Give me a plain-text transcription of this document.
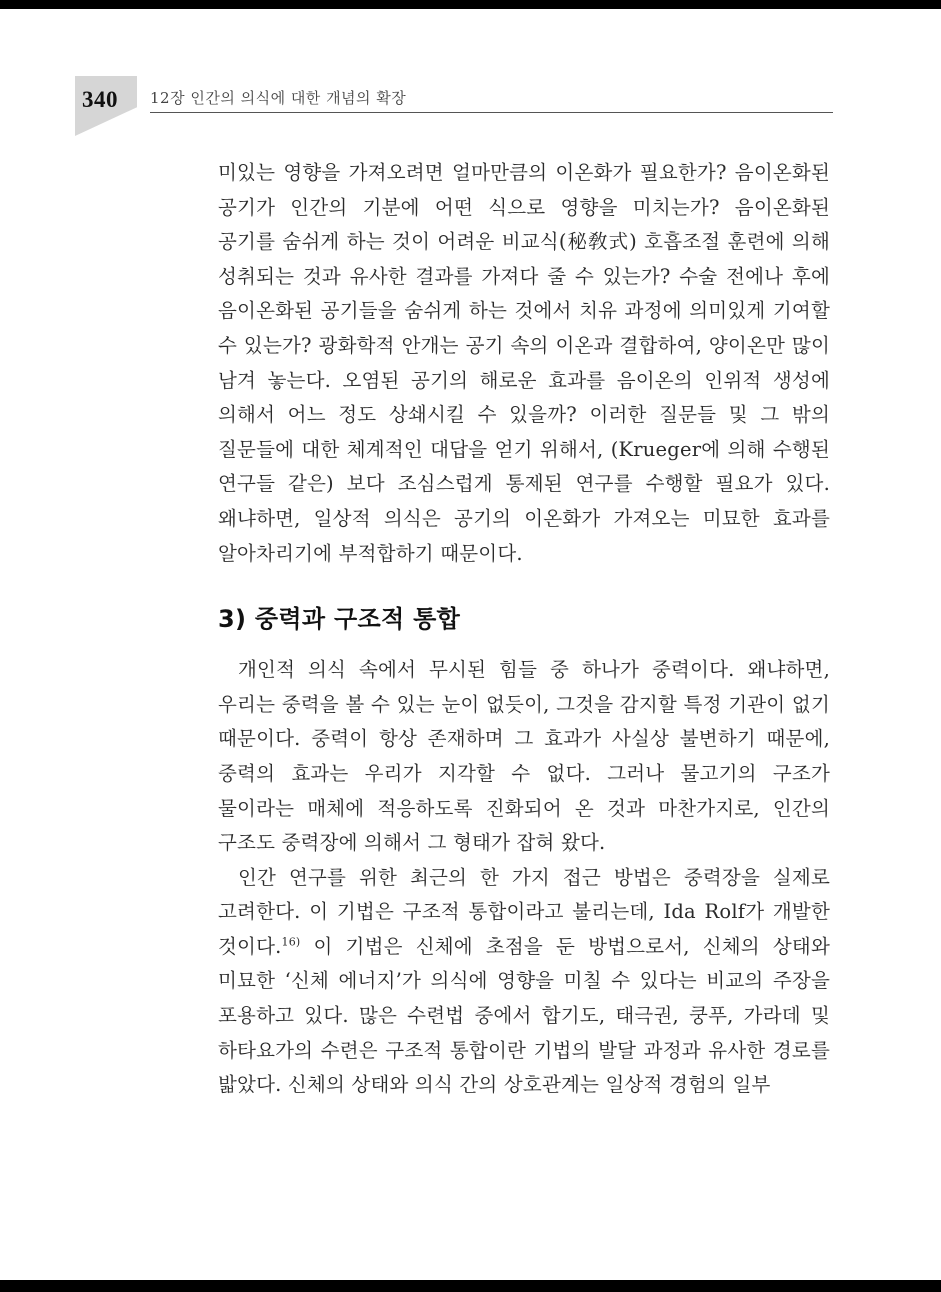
340 12장 인간의 의식에 대한 개념의 확장

미있는 영향을 가져오려면 얼마만큼의 이온화가 필요한가? 음이온화된 공기가 인간의 기분에 어떤 식으로 영향을 미치는가? 음이온화된 공기를 숨쉬게 하는 것이 어려운 비교식(秘敎式) 호흡조절 훈련에 의해 성취되는 것과 유사한 결과를 가져다 줄 수 있는가? 수술 전에나 후에 음이온화된 공기들을 숨쉬게 하는 것에서 치유 과정에 의미있게 기여할 수 있는가? 광화학적 안개는 공기 속의 이온과 결합하여, 양이온만 많이 남겨 놓는다. 오염된 공기의 해로운 효과를 음이온의 인위적 생성에 의해서 어느 정도 상쇄시킬 수 있을까? 이러한 질문들 및 그 밖의 질문들에 대한 체계적인 대답을 얻기 위해서, (Krueger에 의해 수행된 연구들 같은) 보다 조심스럽게 통제된 연구를 수행할 필요가 있다. 왜냐하면, 일상적 의식은 공기의 이온화가 가져오는 미묘한 효과를 알아차리기에 부적합하기 때문이다.

3) 중력과 구조적 통합

개인적 의식 속에서 무시된 힘들 중 하나가 중력이다. 왜냐하면, 우리는 중력을 볼 수 있는 눈이 없듯이, 그것을 감지할 특정 기관이 없기 때문이다. 중력이 항상 존재하며 그 효과가 사실상 불변하기 때문에, 중력의 효과는 우리가 지각할 수 없다. 그러나 물고기의 구조가 물이라는 매체에 적응하도록 진화되어 온 것과 마찬가지로, 인간의 구조도 중력장에 의해서 그 형태가 잡혀 왔다.

인간 연구를 위한 최근의 한 가지 접근 방법은 중력장을 실제로 고려한다. 이 기법은 구조적 통합이라고 불리는데, Ida Rolf가 개발한 것이다.$^{16)}$ 이 기법은 신체에 초점을 둔 방법으로서, 신체의 상태와 미묘한 ‘신체 에너지’가 의식에 영향을 미칠 수 있다는 비교의 주장을 포용하고 있다. 많은 수련법 중에서 합기도, 태극권, 쿵푸, 가라데 및 하타요가의 수련은 구조적 통합이란 기법의 발달 과정과 유사한 경로를 밟았다. 신체의 상태와 의식 간의 상호관계는 일상적 경험의 일부
